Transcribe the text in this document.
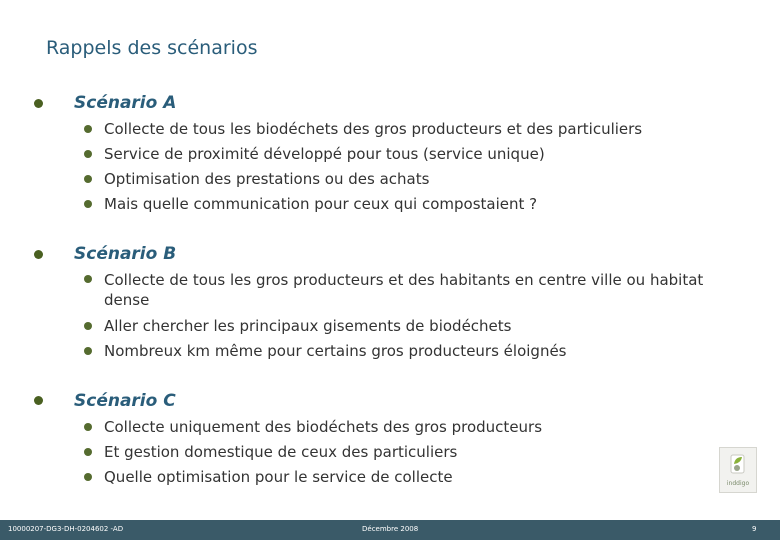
Rappels des scénarios
Scénario A
Collecte de tous les biodéchets des gros producteurs et des particuliers
Service de proximité développé pour tous (service unique)
Optimisation des prestations ou des achats
Mais quelle communication pour ceux qui compostaient ?
Scénario B
Collecte de tous les gros producteurs et des habitants en centre ville ou habitat dense
Aller chercher les principaux gisements de biodéchets
Nombreux km même pour certains gros producteurs éloignés
Scénario C
Collecte uniquement des biodéchets des gros producteurs
Et gestion domestique de ceux des particuliers
Quelle optimisation pour le service de collecte	inddigo
10000207-DG3-DH-0204602 -AD	Décembre 2008	9
